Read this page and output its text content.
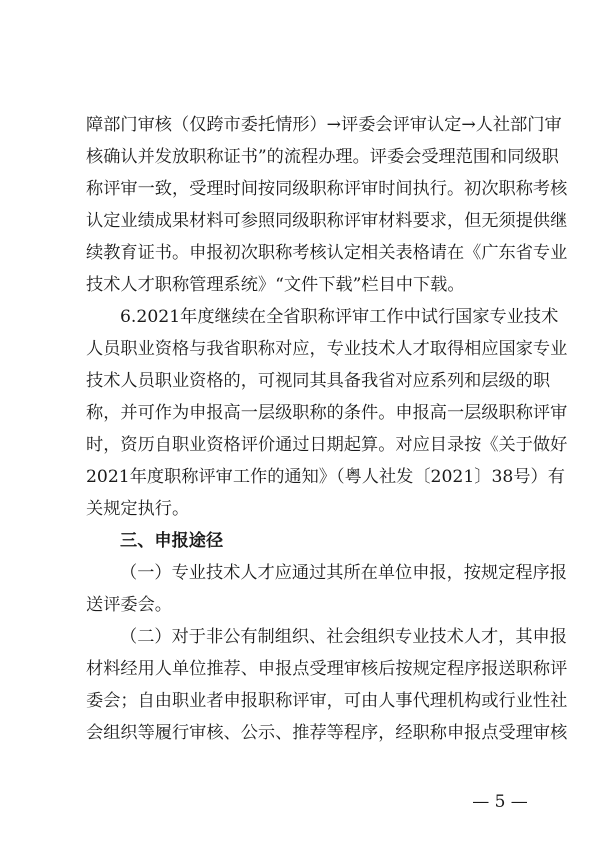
障部门审核（仅跨市委托情形）→评委会评审认定→人社部门审
核确认并发放职称证书”的流程办理。评委会受理范围和同级职
称评审一致，受理时间按同级职称评审时间执行。初次职称考核
认定业绩成果材料可参照同级职称评审材料要求，但无须提供继
续教育证书。申报初次职称考核认定相关表格请在《广东省专业
技术人才职称管理系统》“文件下载”栏目中下载。
6.2021年度继续在全省职称评审工作中试行国家专业技术
人员职业资格与我省职称对应，专业技术人才取得相应国家专业
技术人员职业资格的，可视同其具备我省对应系列和层级的职
称，并可作为申报高一层级职称的条件。申报高一层级职称评审
时，资历自职业资格评价通过日期起算。对应目录按《关于做好
2021年度职称评审工作的通知》（粤人社发〔2021〕38号）有
关规定执行。
三、申报途径
（一）专业技术人才应通过其所在单位申报，按规定程序报
送评委会。
（二）对于非公有制组织、社会组织专业技术人才，其申报
材料经用人单位推荐、申报点受理审核后按规定程序报送职称评
委会；自由职业者申报职称评审，可由人事代理机构或行业性社
会组织等履行审核、公示、推荐等程序，经职称申报点受理审核
— 5 —
